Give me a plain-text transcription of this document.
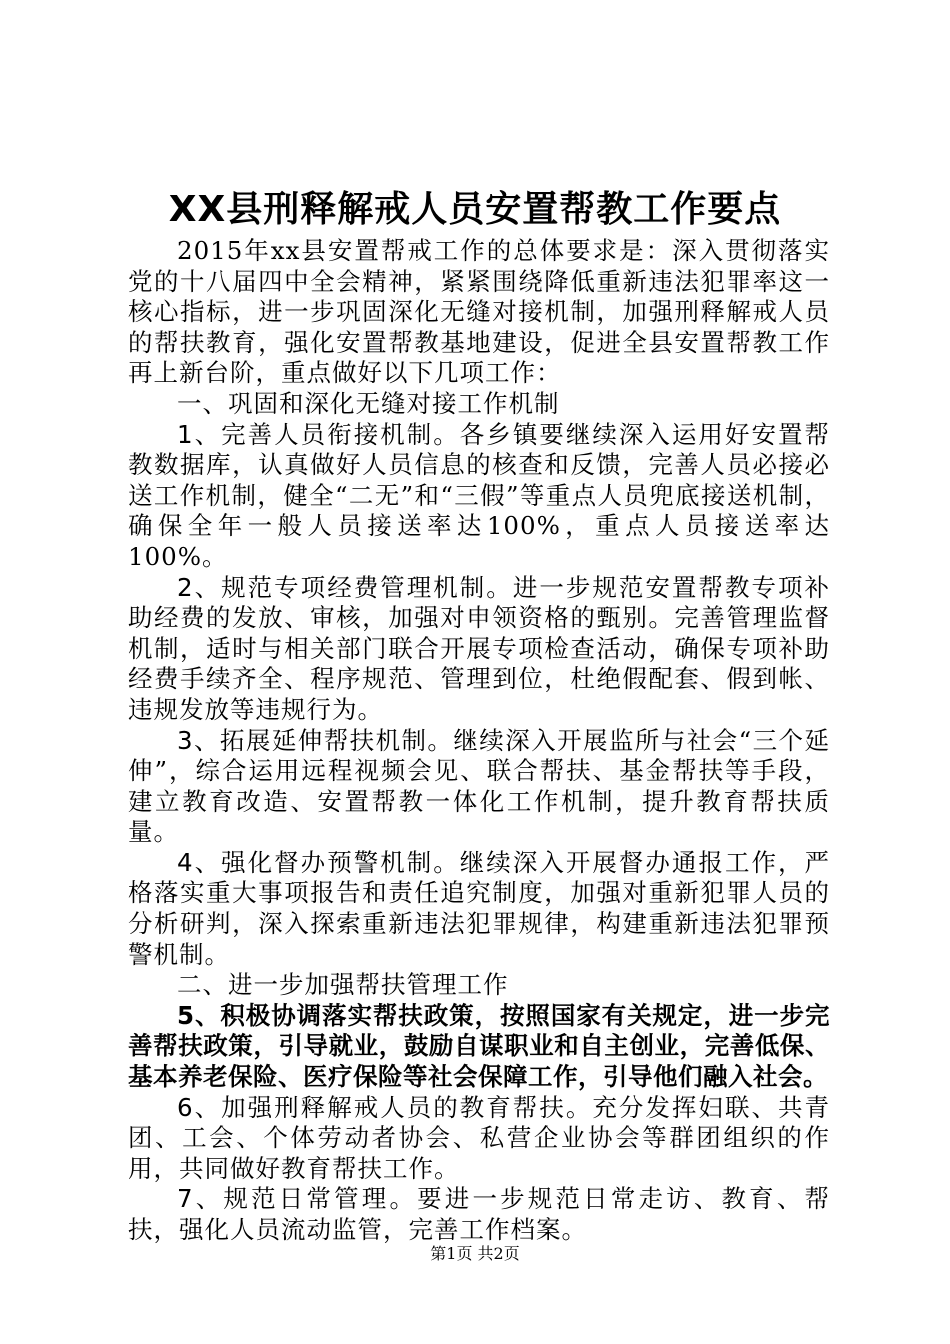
XX县刑释解戒人员安置帮教工作要点

2015年xx县安置帮戒工作的总体要求是：深入贯彻落实党的十八届四中全会精神，紧紧围绕降低重新违法犯罪率这一核心指标，进一步巩固深化无缝对接机制，加强刑释解戒人员的帮扶教育，强化安置帮教基地建设，促进全县安置帮教工作再上新台阶，重点做好以下几项工作：

一、巩固和深化无缝对接工作机制

1、完善人员衔接机制。各乡镇要继续深入运用好安置帮教数据库，认真做好人员信息的核查和反馈，完善人员必接必送工作机制，健全“二无”和“三假”等重点人员兜底接送机制，确保全年一般人员接送率达100%，重点人员接送率达100%。

2、规范专项经费管理机制。进一步规范安置帮教专项补助经费的发放、审核，加强对申领资格的甄别。完善管理监督机制，适时与相关部门联合开展专项检查活动，确保专项补助经费手续齐全、程序规范、管理到位，杜绝假配套、假到帐、违规发放等违规行为。

3、拓展延伸帮扶机制。继续深入开展监所与社会“三个延伸”，综合运用远程视频会见、联合帮扶、基金帮扶等手段，建立教育改造、安置帮教一体化工作机制，提升教育帮扶质量。

4、强化督办预警机制。继续深入开展督办通报工作，严格落实重大事项报告和责任追究制度，加强对重新犯罪人员的分析研判，深入探索重新违法犯罪规律，构建重新违法犯罪预警机制。

二、进一步加强帮扶管理工作

5、积极协调落实帮扶政策，按照国家有关规定，进一步完善帮扶政策，引导就业，鼓励自谋职业和自主创业，完善低保、基本养老保险、医疗保险等社会保障工作，引导他们融入社会。

6、加强刑释解戒人员的教育帮扶。充分发挥妇联、共青团、工会、个体劳动者协会、私营企业协会等群团组织的作用，共同做好教育帮扶工作。

7、规范日常管理。要进一步规范日常走访、教育、帮扶，强化人员流动监管，完善工作档案。

第1页 共2页
